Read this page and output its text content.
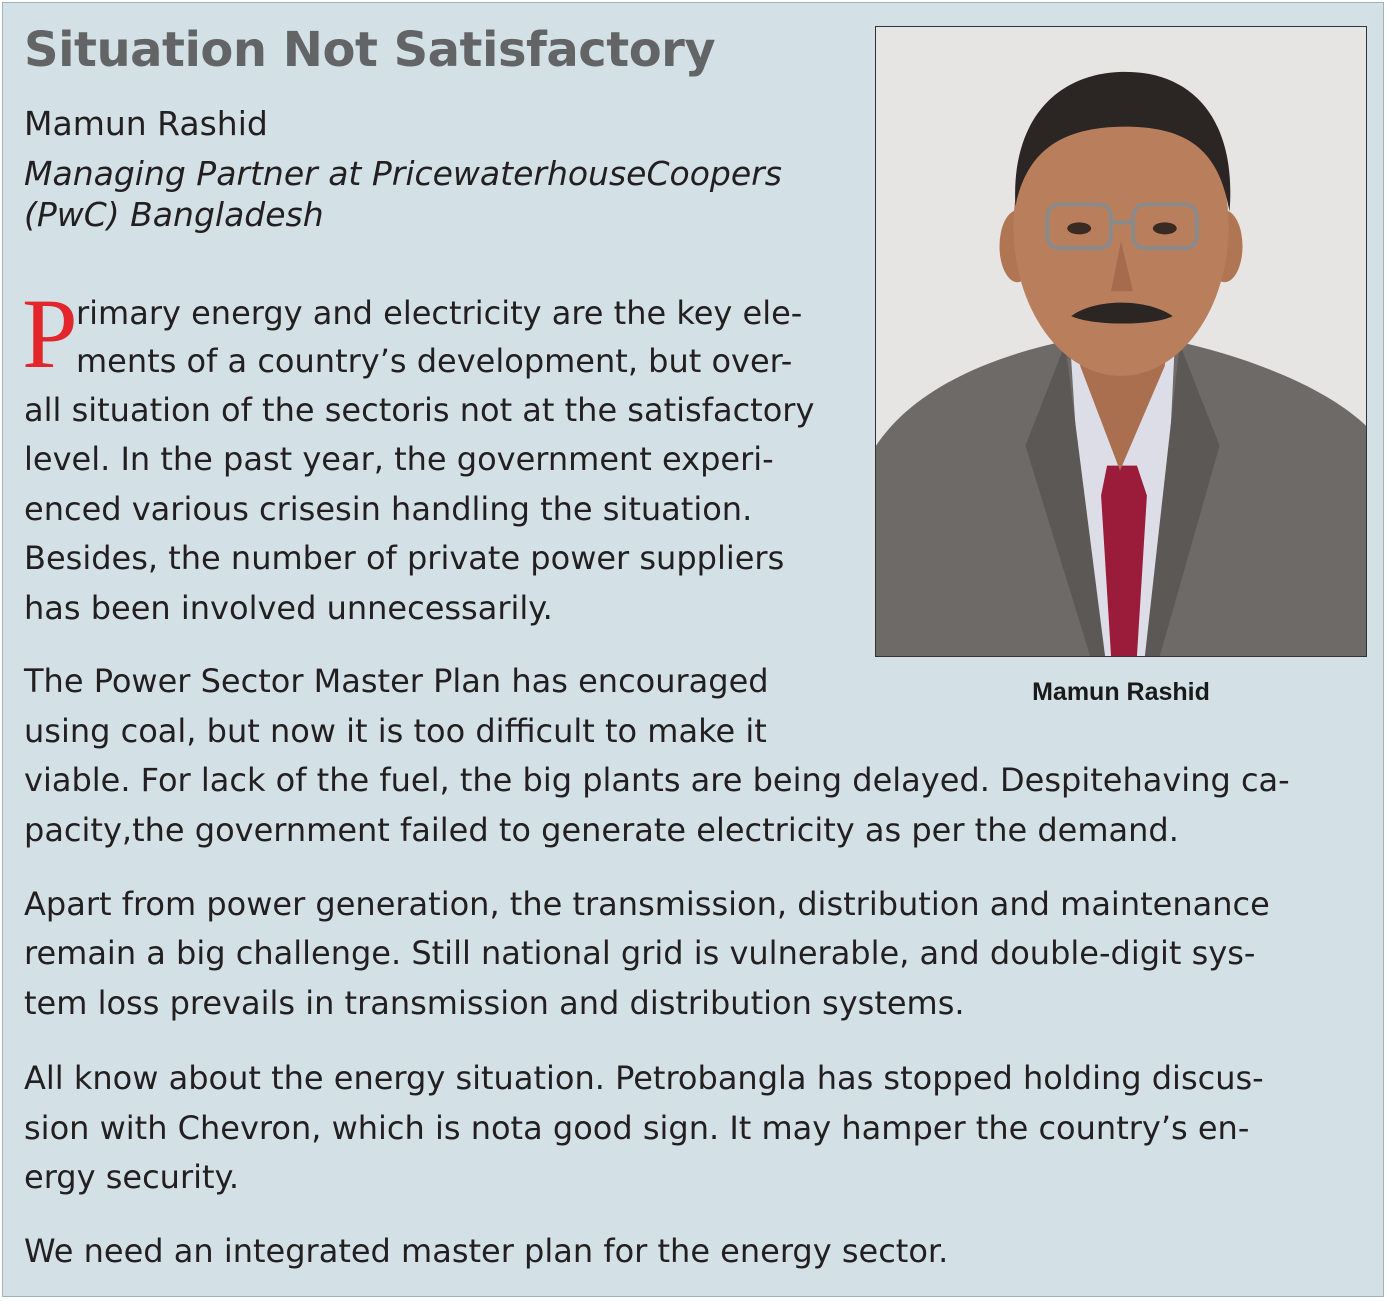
Situation Not Satisfactory
Mamun Rashid
Managing Partner at PricewaterhouseCoopers
(PwC) Bangladesh
P
rimary energy and electricity are the key ele-
ments of a country’s development, but over-
all situation of the sectoris not at the satisfactory
level. In the past year, the government experi-
enced various crisesin handling the situation.
Besides, the number of private power suppliers
has been involved unnecessarily.
The Power Sector Master Plan has encouraged
using coal, but now it is too difficult to make it
viable. For lack of the fuel, the big plants are being delayed. Despitehaving ca-
pacity,the government failed to generate electricity as per the demand.
Apart from power generation, the transmission, distribution and maintenance
remain a big challenge. Still national grid is vulnerable, and double-digit sys-
tem loss prevails in transmission and distribution systems.
All know about the energy situation. Petrobangla has stopped holding discus-
sion with Chevron, which is nota good sign. It may hamper the country’s en-
ergy security.
We need an integrated master plan for the energy sector.
Mamun Rashid
